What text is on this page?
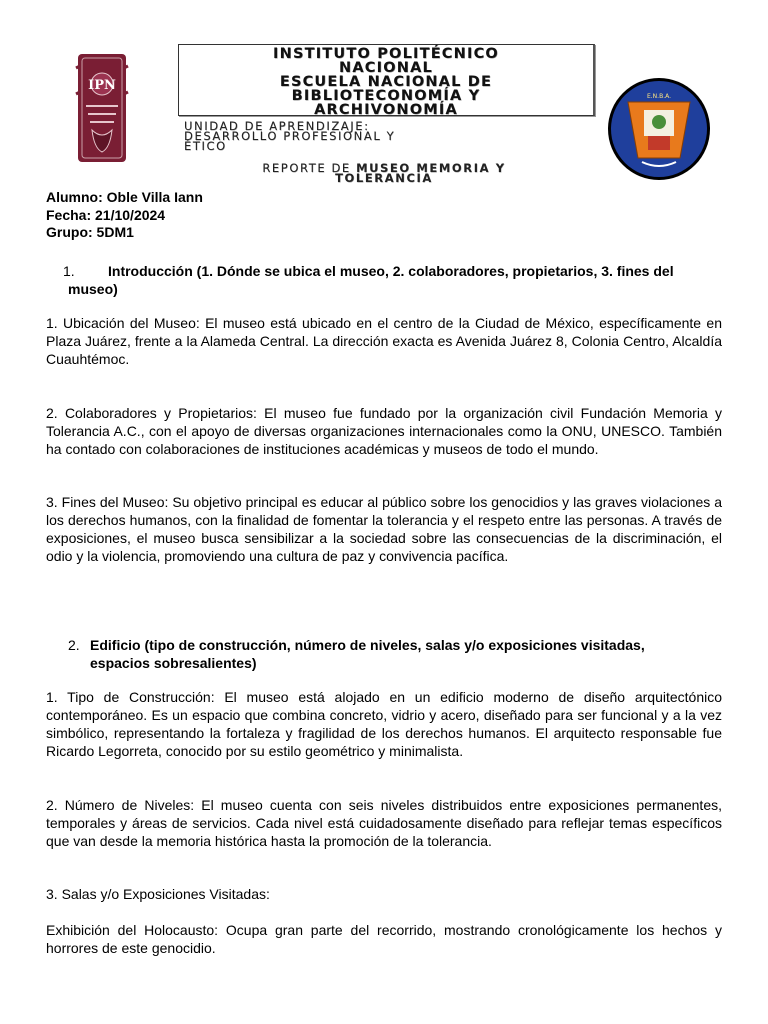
IPN
INSTITUTO POLITÉCNICO
NACIONAL
ESCUELA NACIONAL DE
BIBLIOTECONOMÍA Y
ARCHIVONOMÍA
UNIDAD DE APRENDIZAJE:
DESARROLLO PROFESIONAL Y
ÉTICO
REPORTE DE MUSEO MEMORIA Y
TOLERANCIA
E.N.B.A.
Alumno: Oble Villa Iann
Fecha: 21/10/2024
Grupo: 5DM1
1.	Introducción (1. Dónde se ubica el museo, 2. colaboradores, propietarios, 3. fines del
museo)

1. Ubicación del Museo: El museo está ubicado en el centro de la Ciudad de México, específicamente en Plaza Juárez, frente a la Alameda Central. La dirección exacta es Avenida Juárez 8, Colonia Centro, Alcaldía Cuauhtémoc.

2. Colaboradores y Propietarios: El museo fue fundado por la organización civil Fundación Memoria y Tolerancia A.C., con el apoyo de diversas organizaciones internacionales como la ONU, UNESCO. También ha contado con colaboraciones de instituciones académicas y museos de todo el mundo.

3. Fines del Museo: Su objetivo principal es educar al público sobre los genocidios y las graves violaciones a los derechos humanos, con la finalidad de fomentar la tolerancia y el respeto entre las personas. A través de exposiciones, el museo busca sensibilizar a la sociedad sobre las consecuencias de la discriminación, el odio y la violencia, promoviendo una cultura de paz y convivencia pacífica.

2. Edificio (tipo de construcción, número de niveles, salas y/o exposiciones visitadas,
espacios sobresalientes)

1. Tipo de Construcción: El museo está alojado en un edificio moderno de diseño arquitectónico contemporáneo. Es un espacio que combina concreto, vidrio y acero, diseñado para ser funcional y a la vez simbólico, representando la fortaleza y fragilidad de los derechos humanos. El arquitecto responsable fue Ricardo Legorreta, conocido por su estilo geométrico y minimalista.

2. Número de Niveles: El museo cuenta con seis niveles distribuidos entre exposiciones permanentes, temporales y áreas de servicios. Cada nivel está cuidadosamente diseñado para reflejar temas específicos que van desde la memoria histórica hasta la promoción de la tolerancia.

3. Salas y/o Exposiciones Visitadas:

Exhibición del Holocausto: Ocupa gran parte del recorrido, mostrando cronológicamente los hechos y horrores de este genocidio.
